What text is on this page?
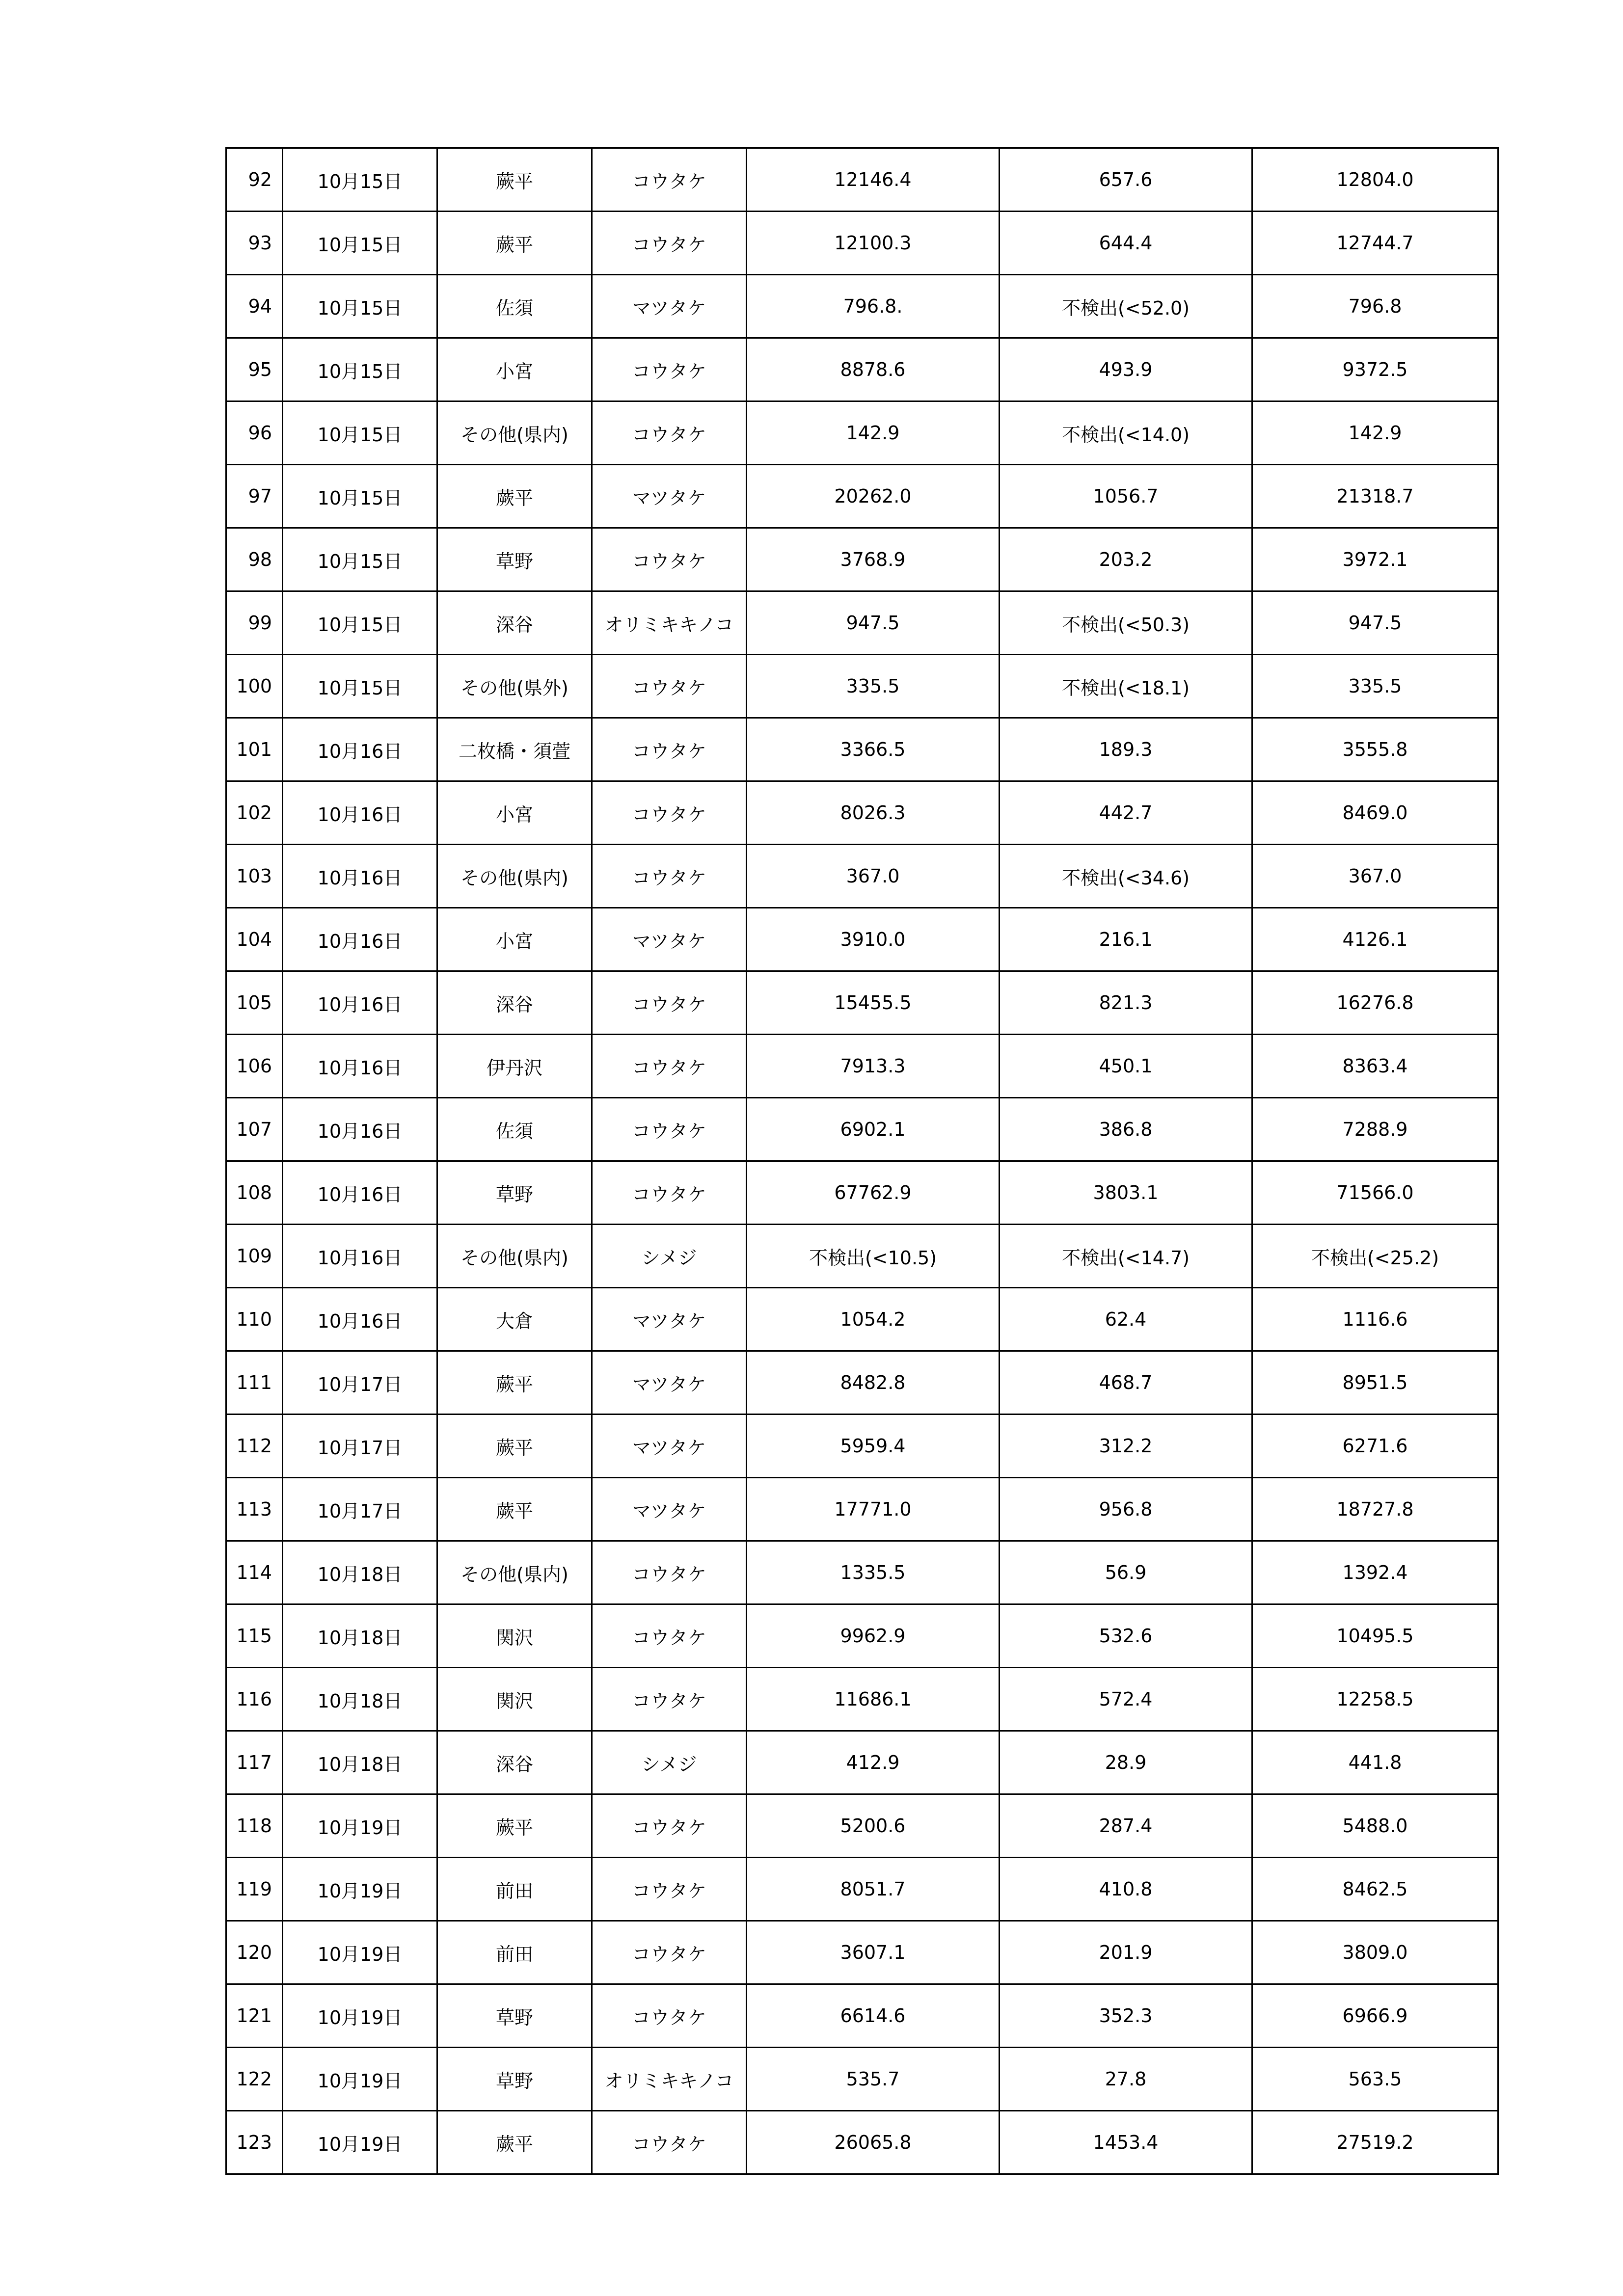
92	10月15日	蕨平	コウタケ	12146.4	657.6	12804.0
93	10月15日	蕨平	コウタケ	12100.3	644.4	12744.7
94	10月15日	佐須	マツタケ	796.8.	不検出(<52.0)	796.8
95	10月15日	小宮	コウタケ	8878.6	493.9	9372.5
96	10月15日	その他(県内)	コウタケ	142.9	不検出(<14.0)	142.9
97	10月15日	蕨平	マツタケ	20262.0	1056.7	21318.7
98	10月15日	草野	コウタケ	3768.9	203.2	3972.1
99	10月15日	深谷	オリミキキノコ	947.5	不検出(<50.3)	947.5
100	10月15日	その他(県外)	コウタケ	335.5	不検出(<18.1)	335.5
101	10月16日	二枚橋・須萱	コウタケ	3366.5	189.3	3555.8
102	10月16日	小宮	コウタケ	8026.3	442.7	8469.0
103	10月16日	その他(県内)	コウタケ	367.0	不検出(<34.6)	367.0
104	10月16日	小宮	マツタケ	3910.0	216.1	4126.1
105	10月16日	深谷	コウタケ	15455.5	821.3	16276.8
106	10月16日	伊丹沢	コウタケ	7913.3	450.1	8363.4
107	10月16日	佐須	コウタケ	6902.1	386.8	7288.9
108	10月16日	草野	コウタケ	67762.9	3803.1	71566.0
109	10月16日	その他(県内)	シメジ	不検出(<10.5)	不検出(<14.7)	不検出(<25.2)
110	10月16日	大倉	マツタケ	1054.2	62.4	1116.6
111	10月17日	蕨平	マツタケ	8482.8	468.7	8951.5
112	10月17日	蕨平	マツタケ	5959.4	312.2	6271.6
113	10月17日	蕨平	マツタケ	17771.0	956.8	18727.8
114	10月18日	その他(県内)	コウタケ	1335.5	56.9	1392.4
115	10月18日	関沢	コウタケ	9962.9	532.6	10495.5
116	10月18日	関沢	コウタケ	11686.1	572.4	12258.5
117	10月18日	深谷	シメジ	412.9	28.9	441.8
118	10月19日	蕨平	コウタケ	5200.6	287.4	5488.0
119	10月19日	前田	コウタケ	8051.7	410.8	8462.5
120	10月19日	前田	コウタケ	3607.1	201.9	3809.0
121	10月19日	草野	コウタケ	6614.6	352.3	6966.9
122	10月19日	草野	オリミキキノコ	535.7	27.8	563.5
123	10月19日	蕨平	コウタケ	26065.8	1453.4	27519.2
